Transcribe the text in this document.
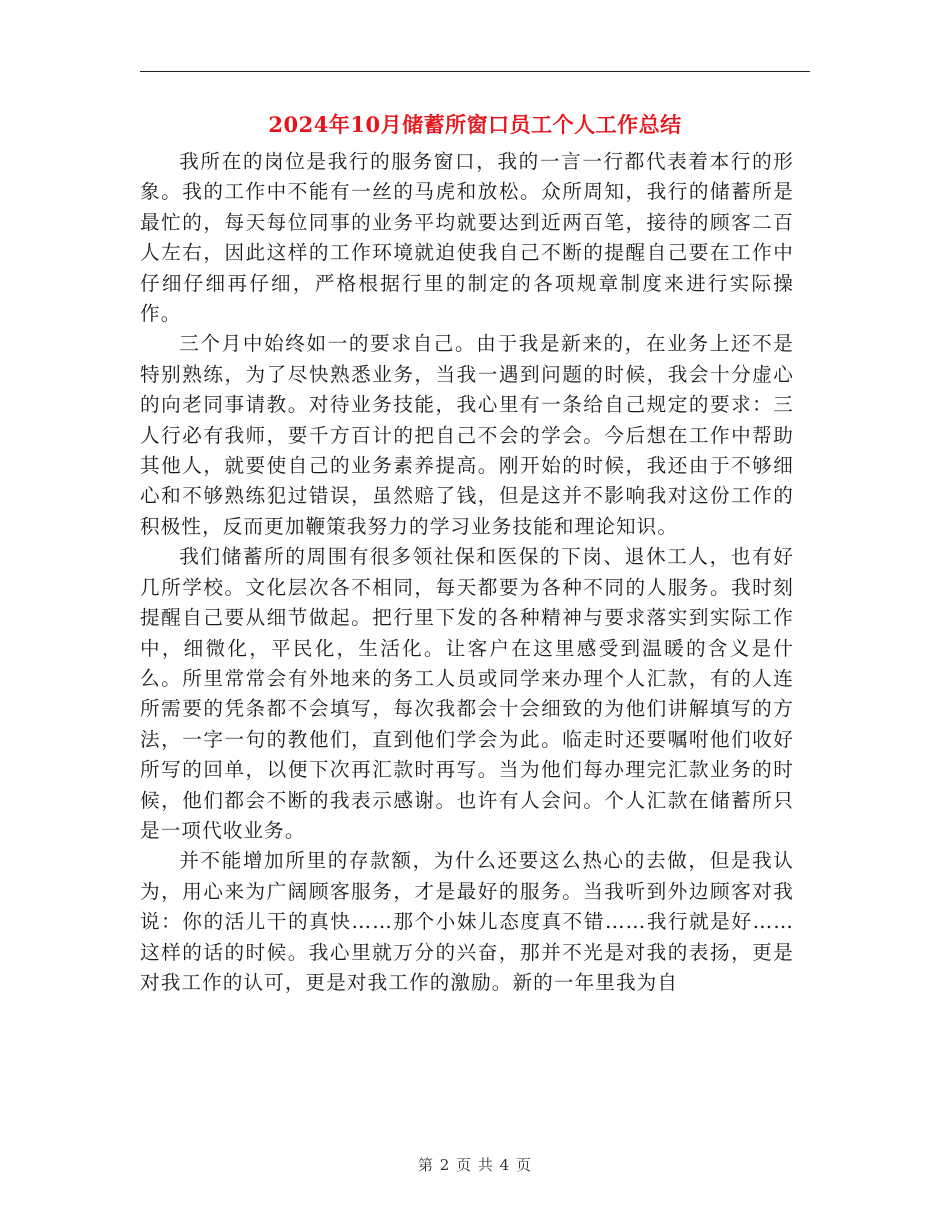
2024年10月储蓄所窗口员工个人工作总结

我所在的岗位是我行的服务窗口，我的一言一行都代表着本行的形象。我的工作中不能有一丝的马虎和放松。众所周知，我行的储蓄所是最忙的，每天每位同事的业务平均就要达到近两百笔，接待的顾客二百人左右，因此这样的工作环境就迫使我自己不断的提醒自己要在工作中仔细仔细再仔细，严格根据行里的制定的各项规章制度来进行实际操作。

三个月中始终如一的要求自己。由于我是新来的，在业务上还不是特别熟练，为了尽快熟悉业务，当我一遇到问题的时候，我会十分虚心的向老同事请教。对待业务技能，我心里有一条给自己规定的要求：三人行必有我师，要千方百计的把自己不会的学会。今后想在工作中帮助其他人，就要使自己的业务素养提高。刚开始的时候，我还由于不够细心和不够熟练犯过错误，虽然赔了钱，但是这并不影响我对这份工作的积极性，反而更加鞭策我努力的学习业务技能和理论知识。

我们储蓄所的周围有很多领社保和医保的下岗、退休工人，也有好几所学校。文化层次各不相同，每天都要为各种不同的人服务。我时刻提醒自己要从细节做起。把行里下发的各种精神与要求落实到实际工作中，细微化，平民化，生活化。让客户在这里感受到温暖的含义是什么。所里常常会有外地来的务工人员或同学来办理个人汇款，有的人连所需要的凭条都不会填写，每次我都会十会细致的为他们讲解填写的方法，一字一句的教他们，直到他们学会为此。临走时还要嘱咐他们收好所写的回单，以便下次再汇款时再写。当为他们每办理完汇款业务的时候，他们都会不断的我表示感谢。也许有人会问。个人汇款在储蓄所只是一项代收业务。

并不能增加所里的存款额，为什么还要这么热心的去做，但是我认为，用心来为广阔顾客服务，才是最好的服务。当我听到外边顾客对我说：你的活儿干的真快……那个小妹儿态度真不错……我行就是好……这样的话的时候。我心里就万分的兴奋，那并不光是对我的表扬，更是对我工作的认可，更是对我工作的激励。新的一年里我为自

第 2 页 共 4 页
